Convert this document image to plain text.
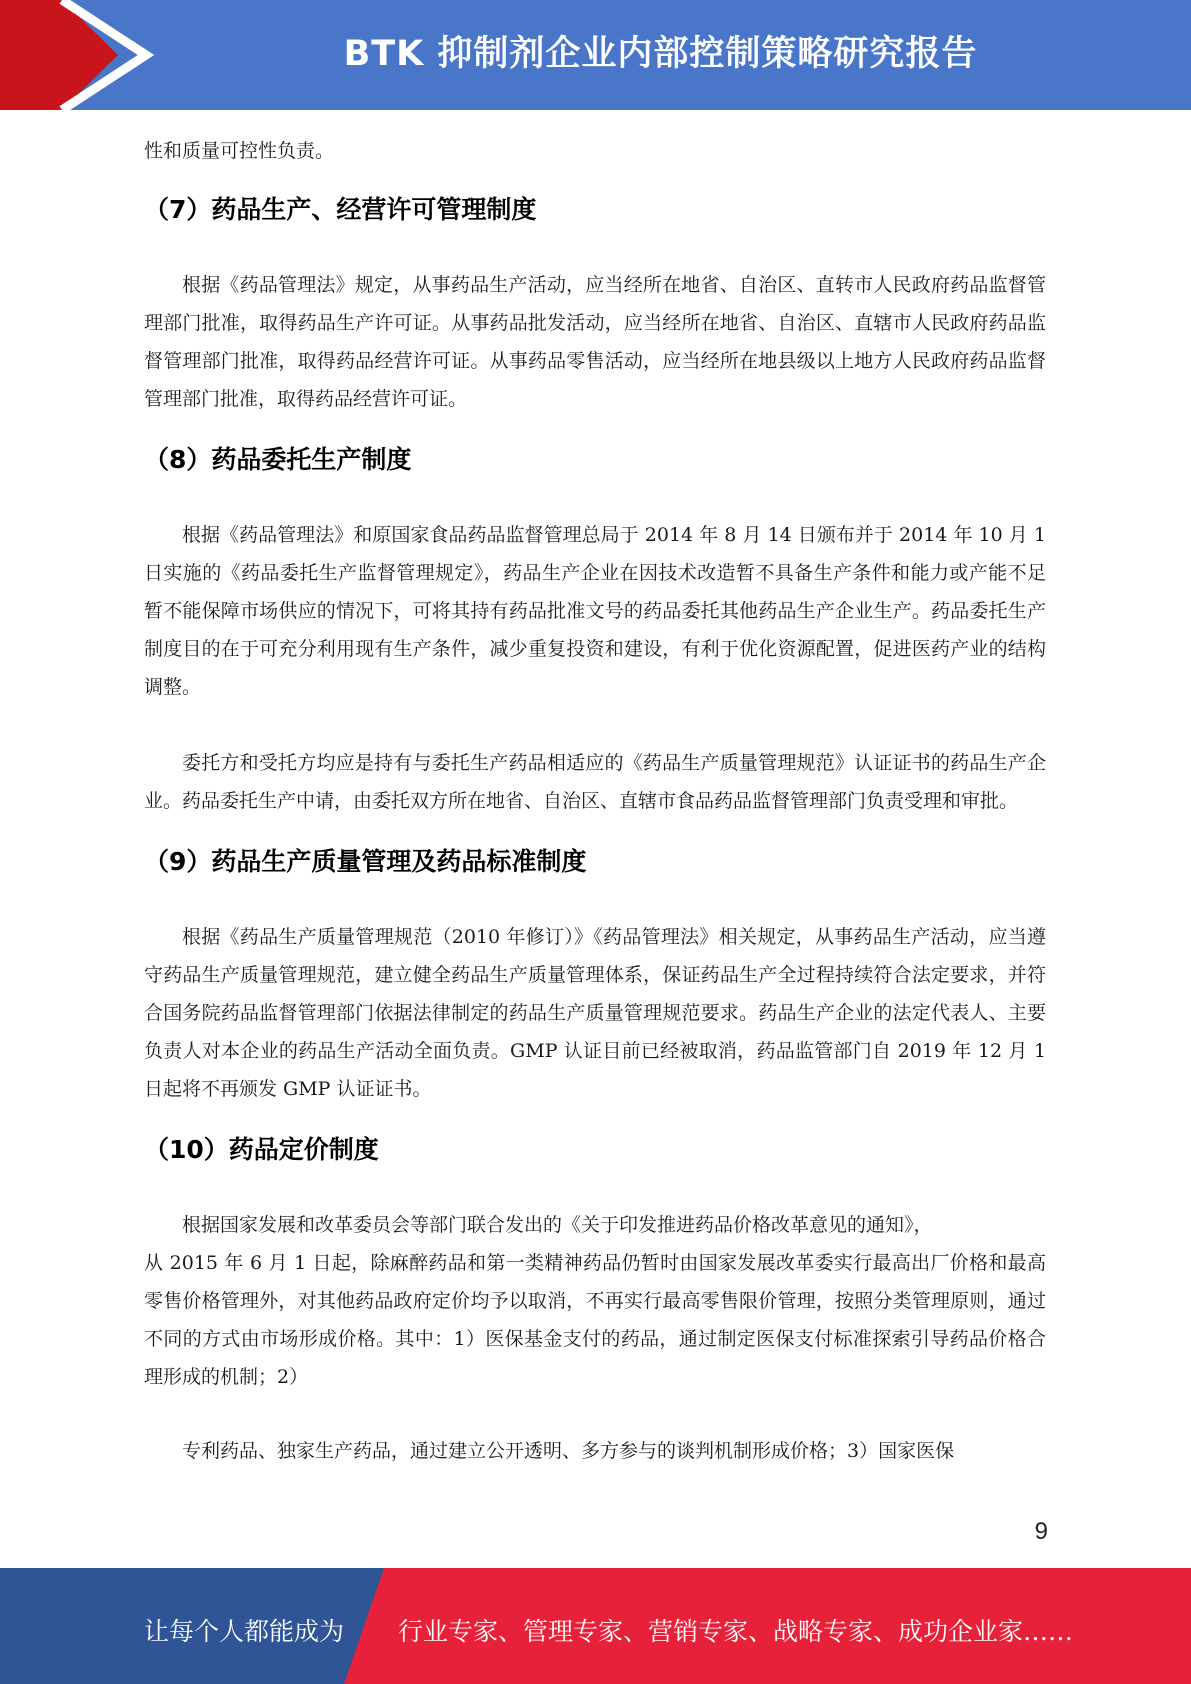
BTK 抑制剂企业内部控制策略研究报告

性和质量可控性负责。

（7）药品生产、经营许可管理制度

根据《药品管理法》规定，从事药品生产活动，应当经所在地省、自治区、直转市人民政府药品监督管理部门批准，取得药品生产许可证。从事药品批发活动，应当经所在地省、自治区、直辖市人民政府药品监督管理部门批准，取得药品经营许可证。从事药品零售活动，应当经所在地县级以上地方人民政府药品监督管理部门批准，取得药品经营许可证。

（8）药品委托生产制度

根据《药品管理法》和原国家食品药品监督管理总局于 2014 年 8 月 14 日颁布并于 2014 年 10 月 1 日实施的《药品委托生产监督管理规定》，药品生产企业在因技术改造暂不具备生产条件和能力或产能不足暂不能保障市场供应的情况下，可将其持有药品批准文号的药品委托其他药品生产企业生产。药品委托生产制度目的在于可充分利用现有生产条件，减少重复投资和建设，有利于优化资源配置，促进医药产业的结构调整。

委托方和受托方均应是持有与委托生产药品相适应的《药品生产质量管理规范》认证证书的药品生产企业。药品委托生产中请，由委托双方所在地省、自治区、直辖市食品药品监督管理部门负责受理和审批。

（9）药品生产质量管理及药品标准制度

根据《药品生产质量管理规范（2010 年修订）》《药品管理法》相关规定，从事药品生产活动，应当遵守药品生产质量管理规范，建立健全药品生产质量管理体系，保证药品生产全过程持续符合法定要求，并符合国务院药品监督管理部门依据法律制定的药品生产质量管理规范要求。药品生产企业的法定代表人、主要负责人对本企业的药品生产活动全面负责。GMP 认证目前已经被取消，药品监管部门自 2019 年 12 月 1 日起将不再颁发 GMP 认证证书。

（10）药品定价制度

根据国家发展和改革委员会等部门联合发出的《关于印发推进药品价格改革意见的通知》，

从 2015 年 6 月 1 日起，除麻醉药品和第一类精神药品仍暂时由国家发展改革委实行最高出厂价格和最高零售价格管理外，对其他药品政府定价均予以取消，不再实行最高零售限价管理，按照分类管理原则，通过不同的方式由市场形成价格。其中：1）医保基金支付的药品，通过制定医保支付标准探索引导药品价格合理形成的机制；2）

专利药品、独家生产药品，通过建立公开透明、多方参与的谈判机制形成价格；3）国家医保

9
让每个人都能成为 行业专家、管理专家、营销专家、战略专家、成功企业家……
